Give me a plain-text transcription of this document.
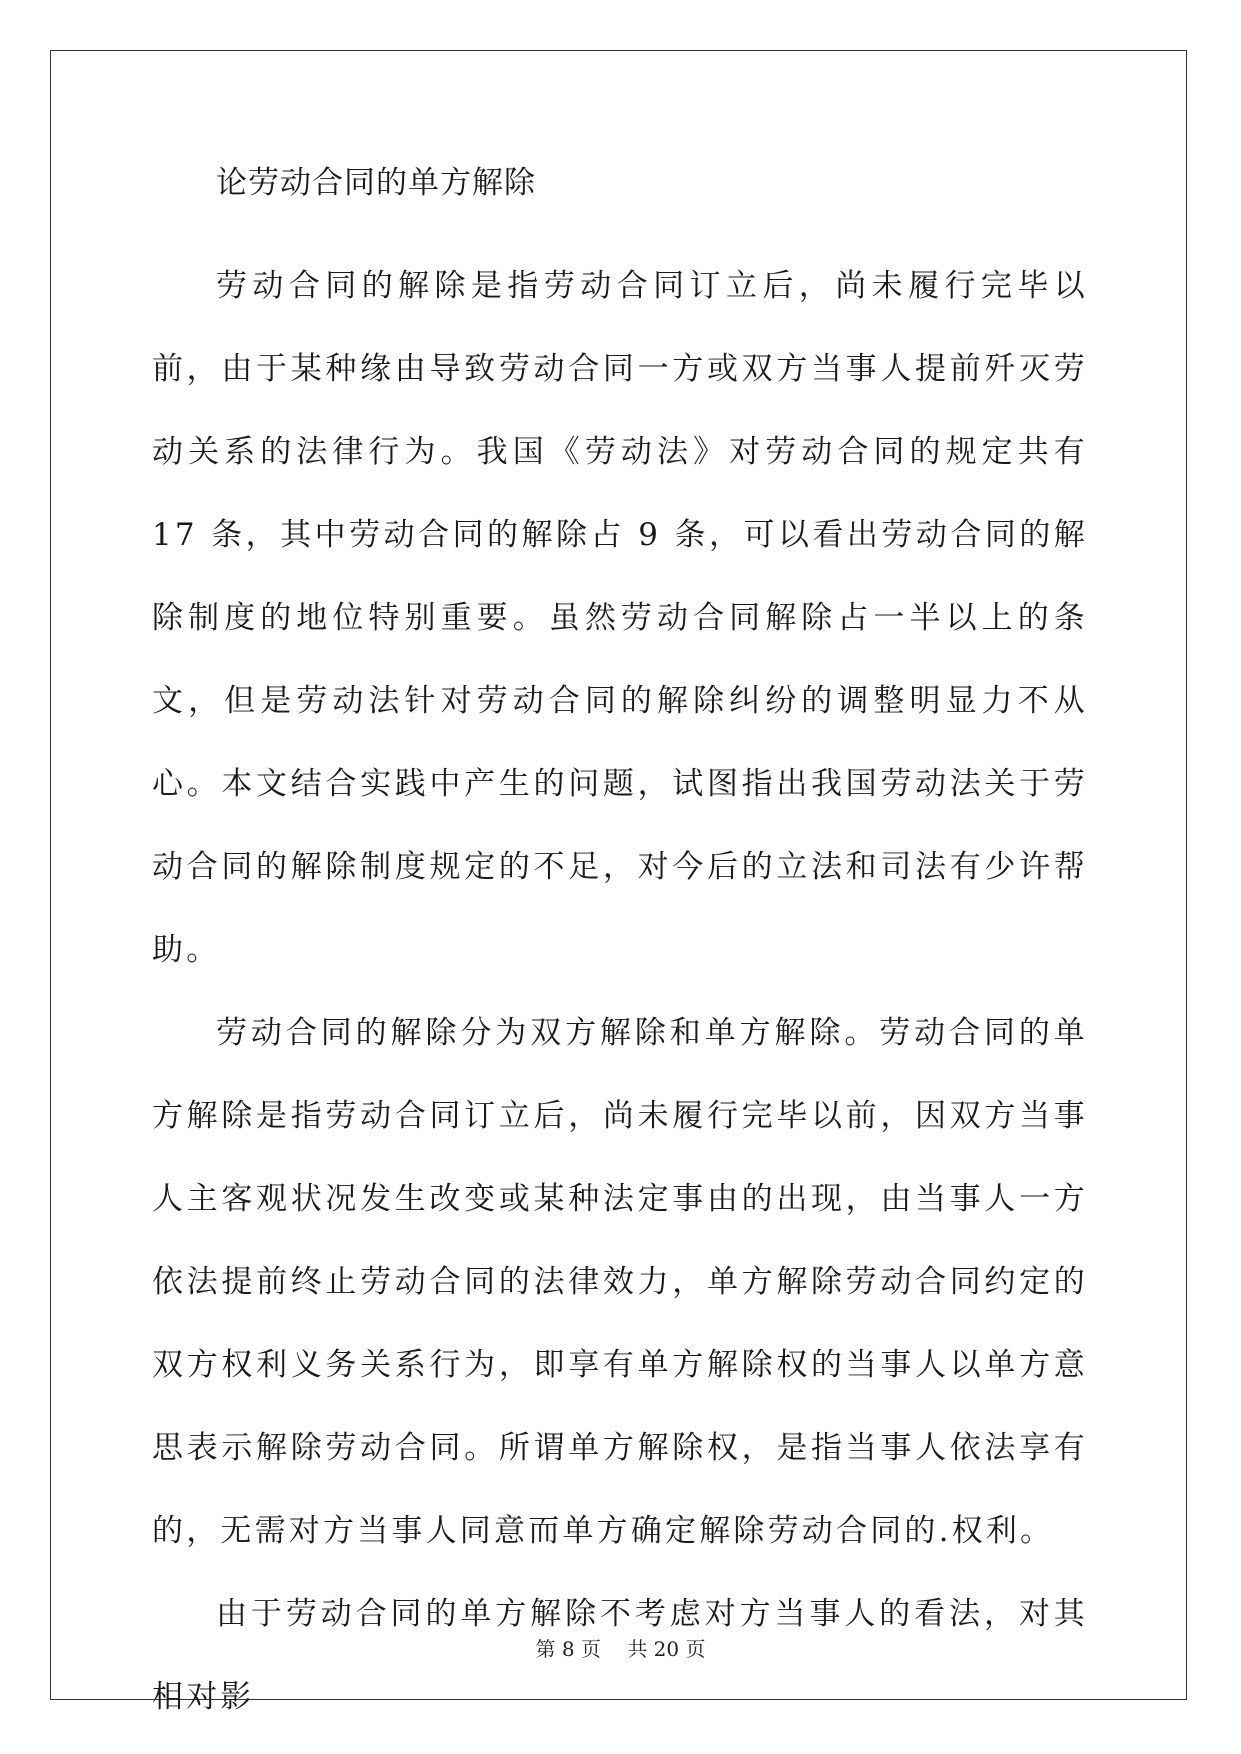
论劳动合同的单方解除

劳动合同的解除是指劳动合同订立后，尚未履行完毕以前，由于某种缘由导致劳动合同一方或双方当事人提前歼灭劳动关系的法律行为。我国《劳动法》对劳动合同的规定共有 17 条，其中劳动合同的解除占 9 条，可以看出劳动合同的解除制度的地位特别重要。虽然劳动合同解除占一半以上的条文，但是劳动法针对劳动合同的解除纠纷的调整明显力不从心。本文结合实践中产生的问题，试图指出我国劳动法关于劳动合同的解除制度规定的不足，对今后的立法和司法有少许帮助。

劳动合同的解除分为双方解除和单方解除。劳动合同的单方解除是指劳动合同订立后，尚未履行完毕以前，因双方当事人主客观状况发生改变或某种法定事由的出现，由当事人一方依法提前终止劳动合同的法律效力，单方解除劳动合同约定的双方权利义务关系行为，即享有单方解除权的当事人以单方意思表示解除劳动合同。所谓单方解除权，是指当事人依法享有的，无需对方当事人同意而单方确定解除劳动合同的.权利。

由于劳动合同的单方解除不考虑对方当事人的看法，对其相对影

第 8 页 共 20 页
